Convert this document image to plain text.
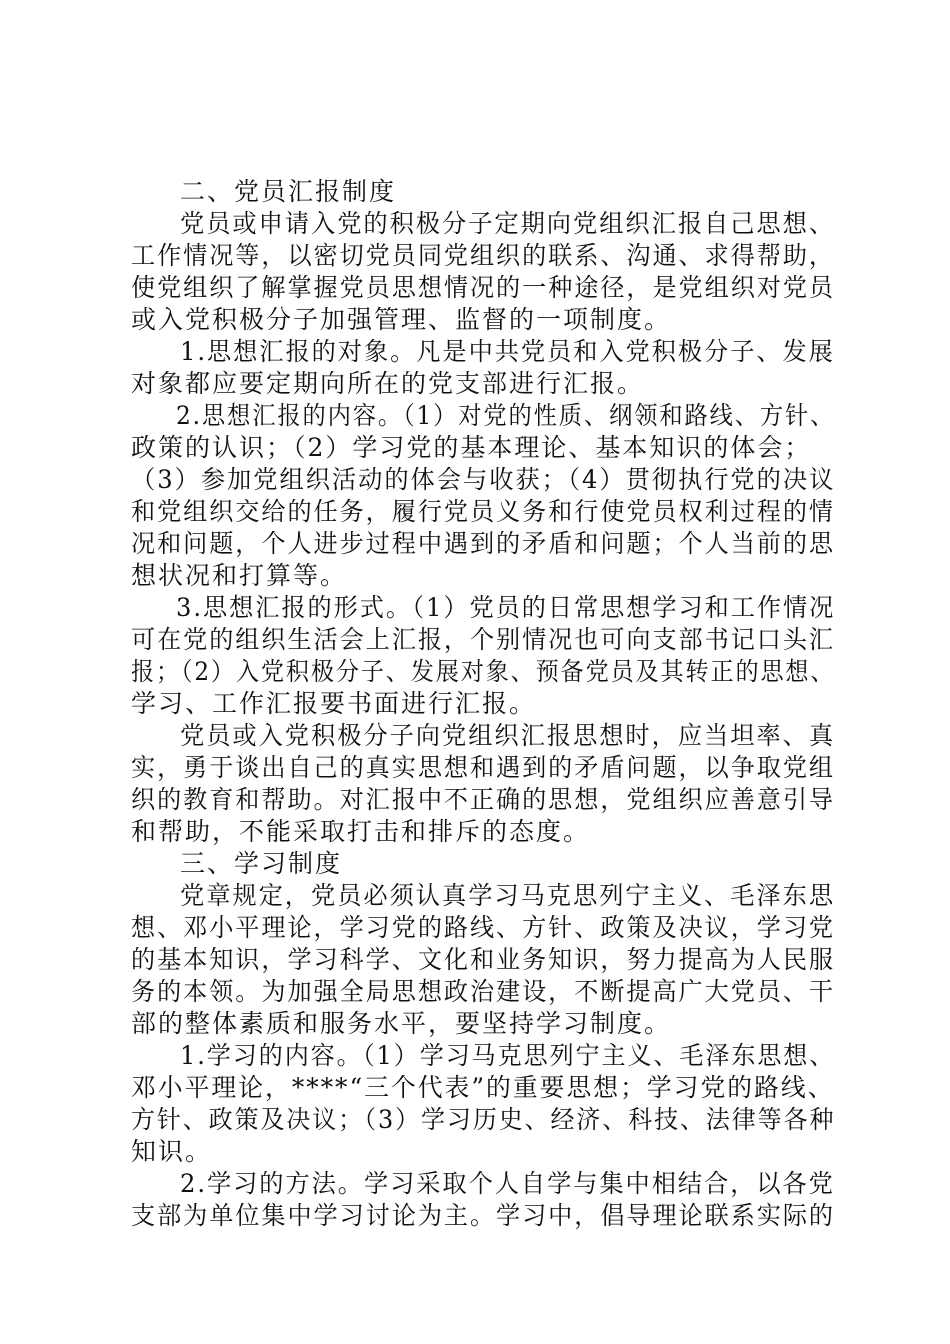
二、党员汇报制度
党员或申请入党的积极分子定期向党组织汇报自己思想、
工作情况等，以密切党员同党组织的联系、沟通、求得帮助，
使党组织了解掌握党员思想情况的一种途径，是党组织对党员
或入党积极分子加强管理、监督的一项制度。
1.思想汇报的对象。凡是中共党员和入党积极分子、发展
对象都应要定期向所在的党支部进行汇报。
2.思想汇报的内容。（1）对党的性质、纲领和路线、方针、
政策的认识；（2）学习党的基本理论、基本知识的体会；
（3）参加党组织活动的体会与收获；（4）贯彻执行党的决议
和党组织交给的任务，履行党员义务和行使党员权利过程的情
况和问题，个人进步过程中遇到的矛盾和问题；个人当前的思
想状况和打算等。
3.思想汇报的形式。（1）党员的日常思想学习和工作情况
可在党的组织生活会上汇报，个别情况也可向支部书记口头汇
报；（2）入党积极分子、发展对象、预备党员及其转正的思想、
学习、工作汇报要书面进行汇报。
党员或入党积极分子向党组织汇报思想时，应当坦率、真
实，勇于谈出自己的真实思想和遇到的矛盾问题，以争取党组
织的教育和帮助。对汇报中不正确的思想，党组织应善意引导
和帮助，不能采取打击和排斥的态度。
三、学习制度
党章规定，党员必须认真学习马克思列宁主义、毛泽东思
想、邓小平理论，学习党的路线、方针、政策及决议，学习党
的基本知识，学习科学、文化和业务知识，努力提高为人民服
务的本领。为加强全局思想政治建设，不断提高广大党员、干
部的整体素质和服务水平，要坚持学习制度。
1.学习的内容。（1）学习马克思列宁主义、毛泽东思想、
邓小平理论，****“三个代表”的重要思想；学习党的路线、
方针、政策及决议；（3）学习历史、经济、科技、法律等各种
知识。
2.学习的方法。学习采取个人自学与集中相结合，以各党
支部为单位集中学习讨论为主。学习中，倡导理论联系实际的
